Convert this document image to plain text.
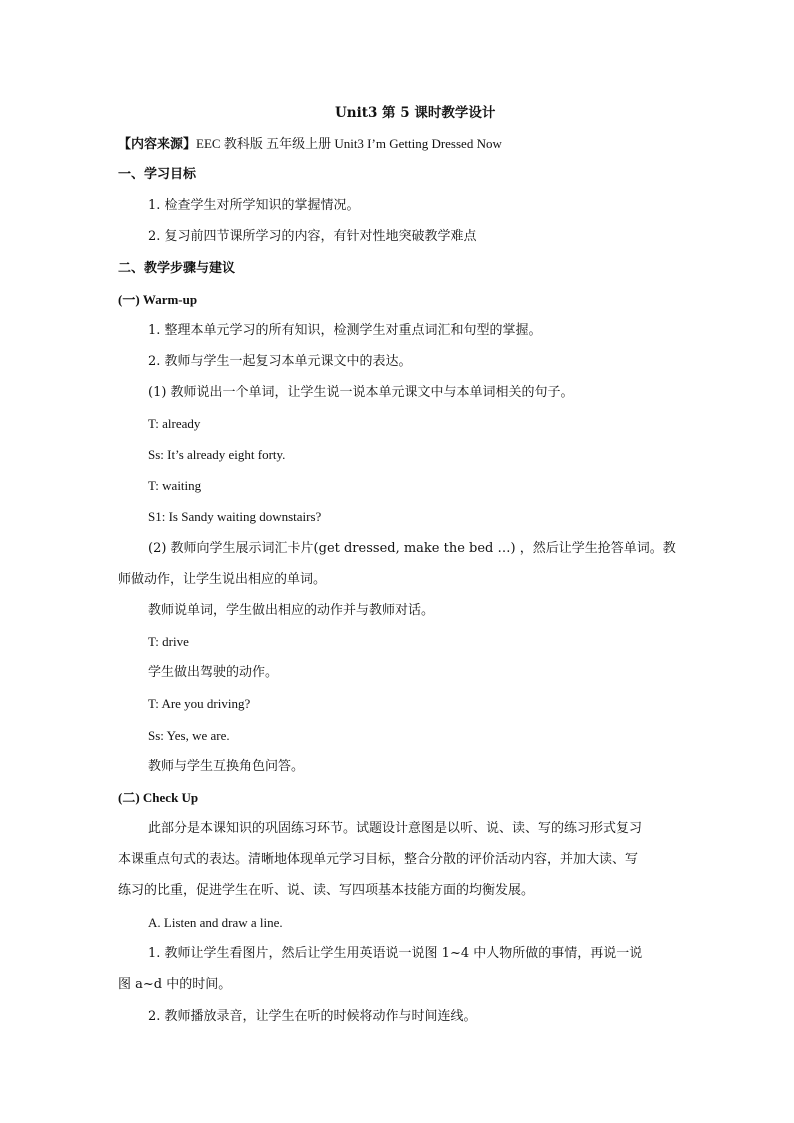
Unit3 第 5 课时教学设计
【内容来源】EEC 教科版 五年级上册 Unit3 I’m Getting Dressed Now
一、学习目标
1. 检查学生对所学知识的掌握情况。
2. 复习前四节课所学习的内容，有针对性地突破教学难点
二、教学步骤与建议
(一) Warm-up
1. 整理本单元学习的所有知识，检测学生对重点词汇和句型的掌握。
2. 教师与学生一起复习本单元课文中的表达。
(1) 教师说出一个单词，让学生说一说本单元课文中与本单词相关的句子。
T: already
Ss: It’s already eight forty.
T: waiting
S1: Is Sandy waiting downstairs?
(2) 教师向学生展示词汇卡片(get dressed, make the bed …) ，然后让学生抢答单词。教
师做动作，让学生说出相应的单词。
教师说单词，学生做出相应的动作并与教师对话。
T: drive
学生做出驾驶的动作。
T: Are you driving?
Ss: Yes, we are.
教师与学生互换角色问答。
(二) Check Up
此部分是本课知识的巩固练习环节。试题设计意图是以听、说、读、写的练习形式复习
本课重点句式的表达。清晰地体现单元学习目标，整合分散的评价活动内容，并加大读、写
练习的比重，促进学生在听、说、读、写四项基本技能方面的均衡发展。
A. Listen and draw a line.
1. 教师让学生看图片，然后让学生用英语说一说图 1~4 中人物所做的事情，再说一说
图 a~d 中的时间。
2. 教师播放录音，让学生在听的时候将动作与时间连线。
